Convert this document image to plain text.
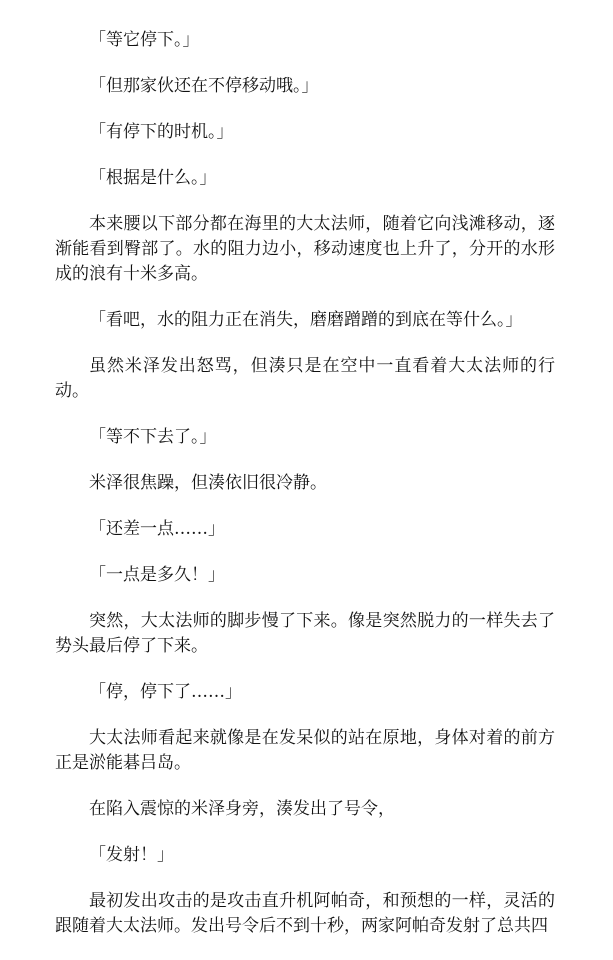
「等它停下。」

「但那家伙还在不停移动哦。」

「有停下的时机。」

「根据是什么。」

本来腰以下部分都在海里的大太法师，随着它向浅滩移动，逐渐能看到臀部了。水的阻力边小，移动速度也上升了，分开的水形成的浪有十米多高。

「看吧，水的阻力正在消失，磨磨蹭蹭的到底在等什么。」

虽然米泽发出怒骂，但湊只是在空中一直看着大太法师的行动。

「等不下去了。」

米泽很焦躁，但湊依旧很冷静。

「还差一点……」

「一点是多久！」

突然，大太法师的脚步慢了下来。像是突然脱力的一样失去了势头最后停了下来。

「停，停下了……」

大太法师看起来就像是在发呆似的站在原地，身体对着的前方正是淤能碁吕岛。

在陷入震惊的米泽身旁，湊发出了号令，

「发射！」

最初发出攻击的是攻击直升机阿帕奇，和预想的一样，灵活的跟随着大太法师。发出号令后不到十秒，两家阿帕奇发射了总共四
